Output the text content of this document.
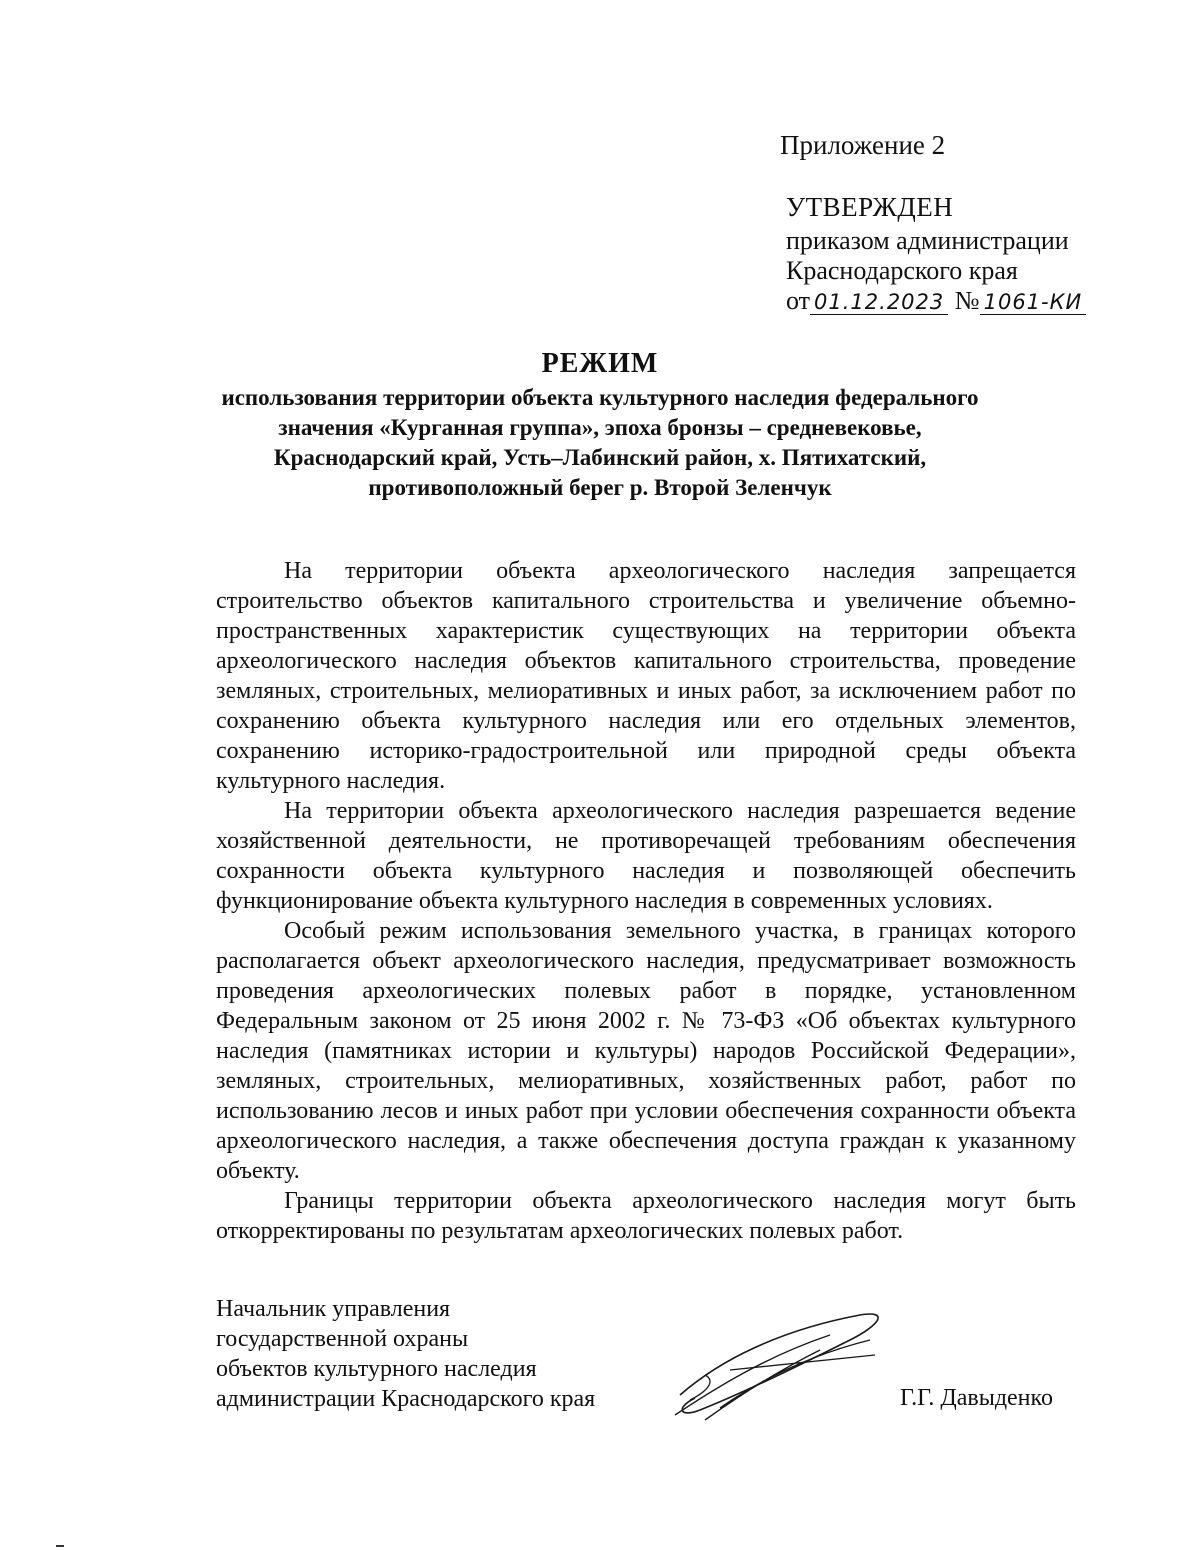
Приложение 2
УТВЕРЖДЕН
приказом администрации
Краснодарского края
от 01.12.2023 № 1061-КИ
РЕЖИМ
использования территории объекта культурного наследия федерального
значения «Курганная группа», эпоха бронзы – средневековье,
Краснодарский край, Усть–Лабинский район, х. Пятихатский,
противоположный берег р. Второй Зеленчук

На территории объекта археологического наследия запрещается строительство объектов капитального строительства и увеличение объемно-пространственных характеристик существующих на территории объекта археологического наследия объектов капитального строительства, проведение земляных, строительных, мелиоративных и иных работ, за исключением работ по сохранению объекта культурного наследия или его отдельных элементов, сохранению историко-градостроительной или природной среды объекта культурного наследия.

На территории объекта археологического наследия разрешается ведение хозяйственной деятельности, не противоречащей требованиям обеспечения сохранности объекта культурного наследия и позволяющей обеспечить функционирование объекта культурного наследия в современных условиях.

Особый режим использования земельного участка, в границах которого располагается объект археологического наследия, предусматривает возможность проведения археологических полевых работ в порядке, установленном Федеральным законом от 25 июня 2002 г. № 73-ФЗ «Об объектах культурного наследия (памятниках истории и культуры) народов Российской Федерации», земляных, строительных, мелиоративных, хозяйственных работ, работ по использованию лесов и иных работ при условии обеспечения сохранности объекта археологического наследия, а также обеспечения доступа граждан к указанному объекту.

Границы территории объекта археологического наследия могут быть откорректированы по результатам археологических полевых работ.

Начальник управления
государственной охраны
объектов культурного наследия
администрации Краснодарского края	Г.Г. Давыденко
